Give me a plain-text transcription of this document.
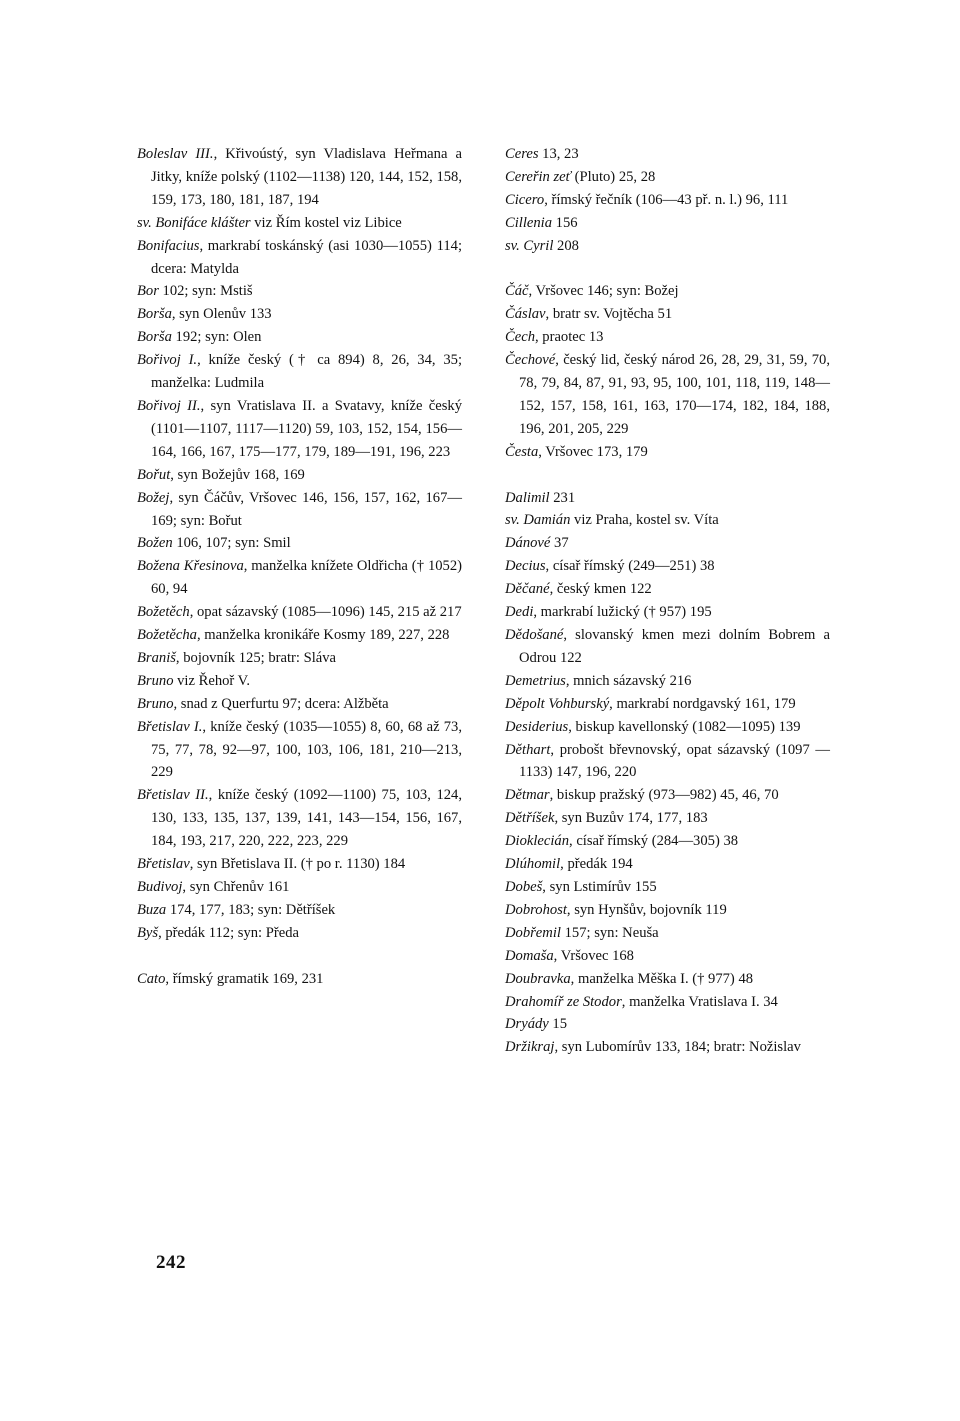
Boleslav III., Křivoústý, syn Vladislava Heřmana a Jitky, kníže polský (1102—1138) 120, 144, 152, 158, 159, 173, 180, 181, 187, 194
sv. Bonifáce klášter viz Řím kostel viz Libice
Bonifacius, markrabí toskánský (asi 1030—1055) 114; dcera: Matylda
Bor 102; syn: Mstiš
Borša, syn Olenův 133
Borša 192; syn: Olen
Bořivoj I., kníže český († ca 894) 8, 26, 34, 35; manželka: Ludmila
Bořivoj II., syn Vratislava II. a Svatavy, kníže český (1101—1107, 1117—1120) 59, 103, 152, 154, 156—164, 166, 167, 175—177, 179, 189—191, 196, 223
Bořut, syn Božejův 168, 169
Božej, syn Čáčův, Vršovec 146, 156, 157, 162, 167—169; syn: Bořut
Božen 106, 107; syn: Smil
Božena Křesinova, manželka knížete Oldřicha († 1052) 60, 94
Božetěch, opat sázavský (1085—1096) 145, 215 až 217
Božetěcha, manželka kronikáře Kosmy 189, 227, 228
Braniš, bojovník 125; bratr: Sláva
Bruno viz Řehoř V.
Bruno, snad z Querfurtu 97; dcera: Alžběta
Břetislav I., kníže český (1035—1055) 8, 60, 68 až 73, 75, 77, 78, 92—97, 100, 103, 106, 181, 210—213, 229
Břetislav II., kníže český (1092—1100) 75, 103, 124, 130, 133, 135, 137, 139, 141, 143—154, 156, 167, 184, 193, 217, 220, 222, 223, 229
Břetislav, syn Břetislava II. († po r. 1130) 184
Budivoj, syn Chřenův 161
Buza 174, 177, 183; syn: Dětříšek
Byš, předák 112; syn: Předa
Cato, římský gramatik 169, 231
Ceres 13, 23
Cereřin zeť (Pluto) 25, 28
Cicero, římský řečník (106—43 př. n. l.) 96, 111
Cillenia 156
sv. Cyril 208
Čáč, Vršovec 146; syn: Božej
Čáslav, bratr sv. Vojtěcha 51
Čech, praotec 13
Čechové, český lid, český národ 26, 28, 29, 31, 59, 70, 78, 79, 84, 87, 91, 93, 95, 100, 101, 118, 119, 148—152, 157, 158, 161, 163, 170—174, 182, 184, 188, 196, 201, 205, 229
Česta, Vršovec 173, 179
Dalimil 231
sv. Damián viz Praha, kostel sv. Víta
Dánové 37
Decius, císař římský (249—251) 38
Děčané, český kmen 122
Dedi, markrabí lužický († 957) 195
Dědošané, slovanský kmen mezi dolním Bobrem a Odrou 122
Demetrius, mnich sázavský 216
Děpolt Vohburský, markrabí nordgavský 161, 179
Desiderius, biskup kavellonský (1082—1095) 139
Děthart, probošt břevnovský, opat sázavský (1097 — 1133) 147, 196, 220
Dětmar, biskup pražský (973—982) 45, 46, 70
Dětříšek, syn Buzův 174, 177, 183
Dioklecián, císař římský (284—305) 38
Dlúhomil, předák 194
Dobeš, syn Lstimírův 155
Dobrohost, syn Hynšův, bojovník 119
Dobřemil 157; syn: Neuša
Domaša, Vršovec 168
Doubravka, manželka Měška I. († 977) 48
Drahomíř ze Stodor, manželka Vratislava I. 34
Dryády 15
Držikraj, syn Lubomírův 133, 184; bratr: Nožislav
242
